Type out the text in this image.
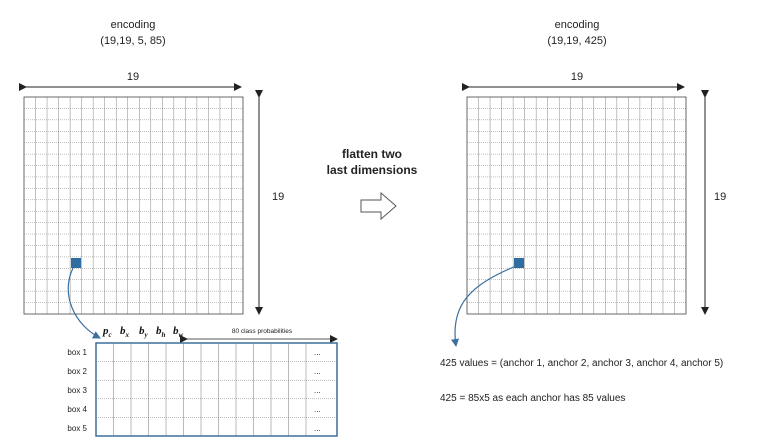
encoding
(19,19, 5, 85)
19
19
$p_c$ $b_x$ $b_y$ $b_h$ $b_w$	80 class probabilities
box 1
box 2
box 3
box 4
box 5
...
...
...
...
...
flatten two
last dimensions
encoding
(19,19, 425)
19
19
425 values = (anchor 1, anchor 2, anchor 3, anchor 4, anchor 5)
425 = 85x5 as each anchor has 85 values
